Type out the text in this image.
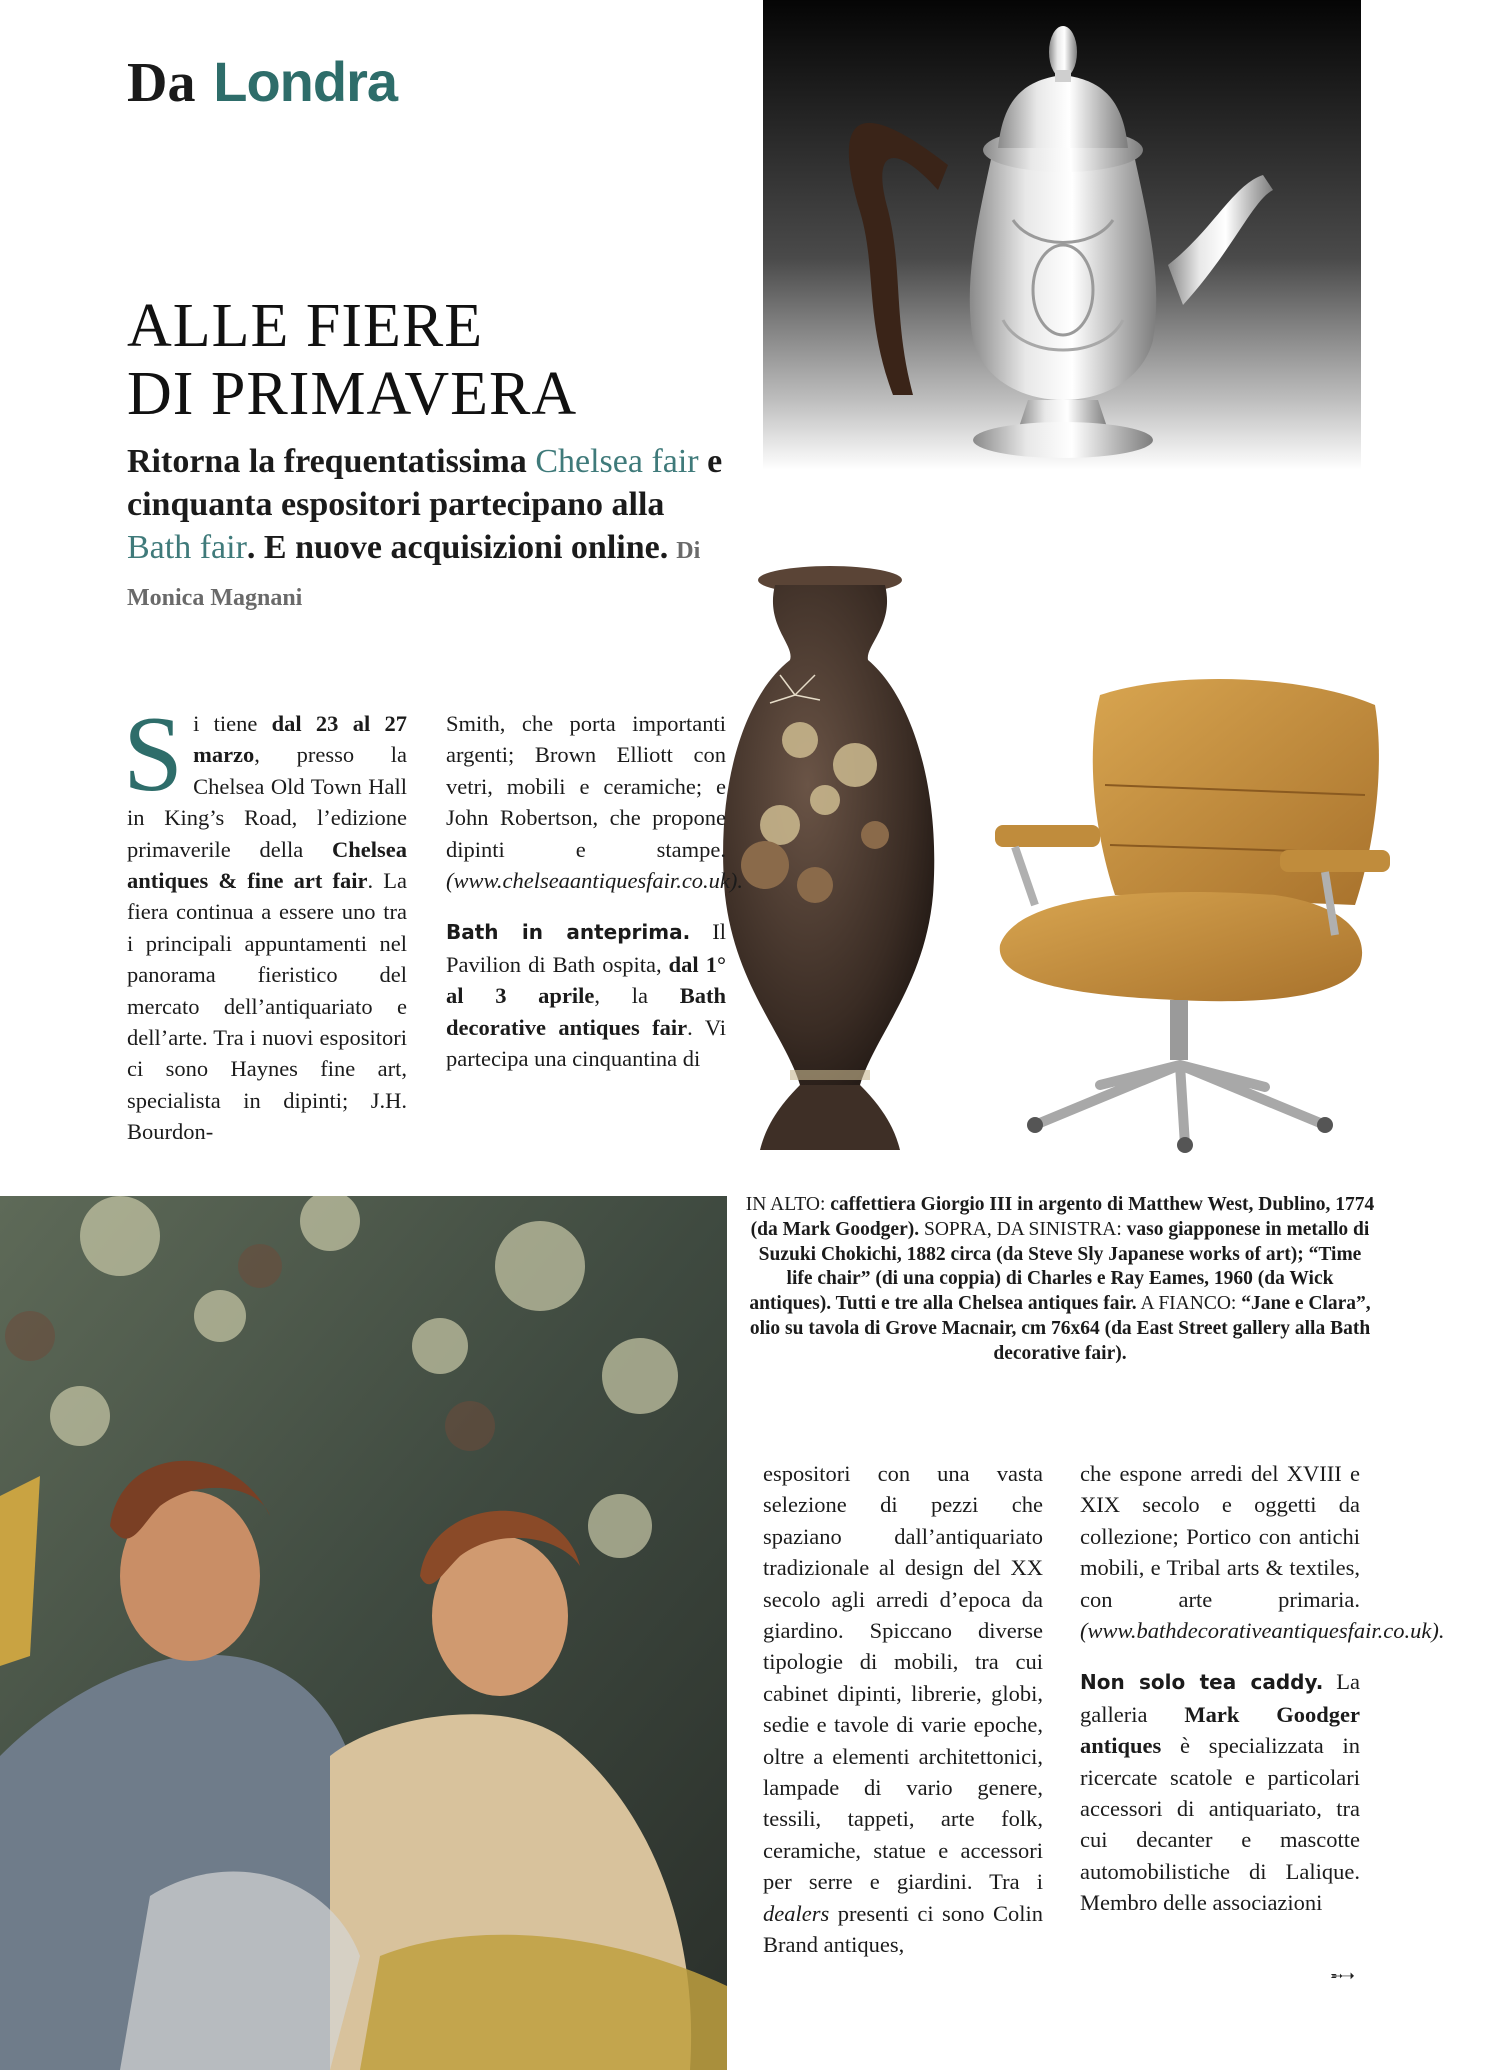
Da Londra
ALLE FIERE
DI PRIMAVERA
Ritorna la frequentatissima Chelsea fair e cinquanta espositori partecipano alla Bath fair. E nuove acquisizioni online. Di Monica Magnani
S i tiene dal 23 al 27 marzo, presso la Chelsea Old Town Hall in King’s Road, l’edizione primaverile della Chelsea antiques & fine art fair. La fiera continua a essere uno tra i principali appuntamenti nel panorama fieristico del mercato dell’antiquariato e dell’arte. Tra i nuovi espositori ci sono Haynes fine art, specialista in dipinti; J.H. Bourdon-

Smith, che porta importanti argenti; Brown Elliott con vetri, mobili e ceramiche; e John Robertson, che propone dipinti e stampe. (www.chelseaantiquesfair.co.uk).

Bath in anteprima. Il Pavilion di Bath ospita, dal 1° al 3 aprile, la Bath decorative antiques fair. Vi partecipa una cinquantina di

IN ALTO: caffettiera Giorgio III in argento di Matthew West, Dublino, 1774 (da Mark Goodger). SOPRA, DA SINISTRA: vaso giapponese in metallo di Suzuki Chokichi, 1882 circa (da Steve Sly Japanese works of art); “Time life chair” (di una coppia) di Charles e Ray Eames, 1960 (da Wick antiques). Tutti e tre alla Chelsea antiques fair. A FIANCO: “Jane e Clara”, olio su tavola di Grove Macnair, cm 76x64 (da East Street gallery alla Bath decorative fair).

espositori con una vasta selezione di pezzi che spaziano dall’antiquariato tradizionale al design del XX secolo agli arredi d’epoca da giardino. Spiccano diverse tipologie di mobili, tra cui cabinet dipinti, librerie, globi, sedie e tavole di varie epoche, oltre a elementi architettonici, lampade di vario genere, tessili, tappeti, arte folk, ceramiche, statue e accessori per serre e giardini. Tra i dealers presenti ci sono Colin Brand antiques,

che espone arredi del XVIII e XIX secolo e oggetti da collezione; Portico con antichi mobili, e Tribal arts & textiles, con arte primaria. (www.bathdecorativeantiquesfair.co.uk).

Non solo tea caddy. La galleria Mark Goodger antiques è specializzata in ricercate scatole e particolari accessori di antiquariato, tra cui decanter e mascotte automobilistiche di Lalique. Membro delle associazioni

➵➝
